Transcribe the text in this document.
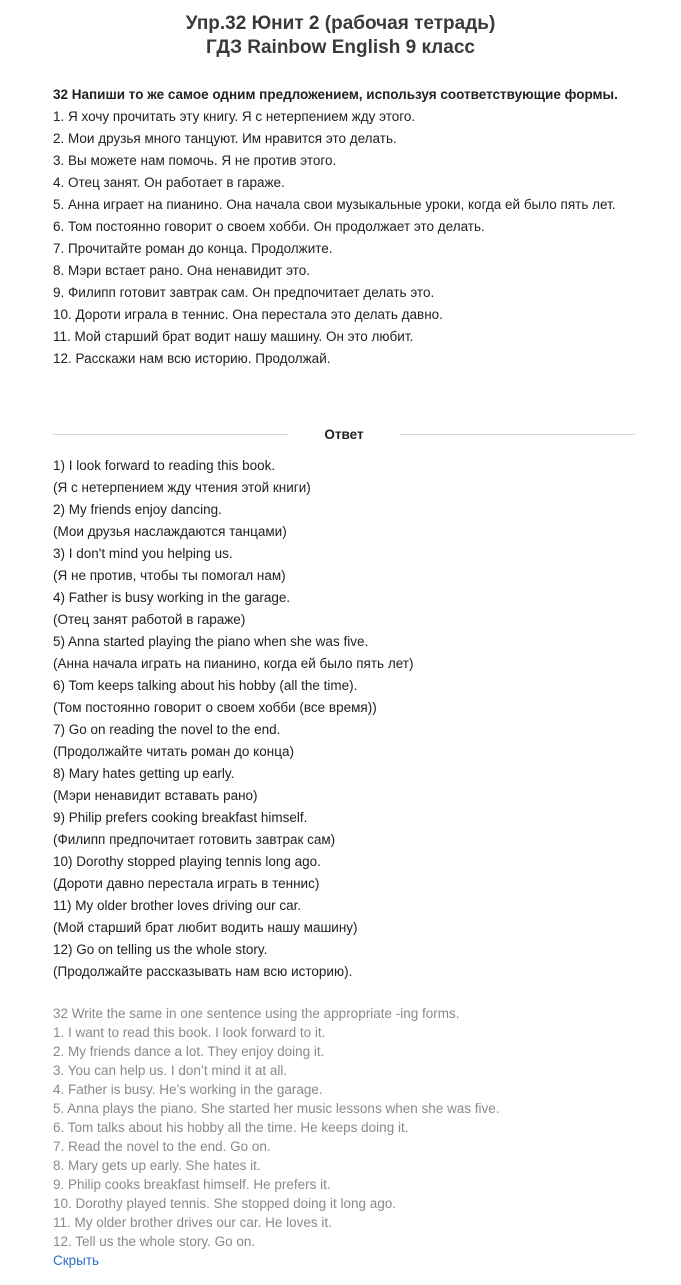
Упр.32 Юнит 2 (рабочая тетрадь)
ГДЗ Rainbow English 9 класс
32 Напиши то же самое одним предложением, используя соответствующие формы.
1. Я хочу прочитать эту книгу. Я с нетерпением жду этого.
2. Мои друзья много танцуют. Им нравится это делать.
3. Вы можете нам помочь. Я не против этого.
4. Отец занят. Он работает в гараже.
5. Анна играет на пианино. Она начала свои музыкальные уроки, когда ей было пять лет.
6. Том постоянно говорит о своем хобби. Он продолжает это делать.
7. Прочитайте роман до конца. Продолжите.
8. Мэри встает рано. Она ненавидит это.
9. Филипп готовит завтрак сам. Он предпочитает делать это.
10. Дороти играла в теннис. Она перестала это делать давно.
11. Мой старший брат водит нашу машину. Он это любит.
12. Расскажи нам всю историю. Продолжай.
Ответ
1) I look forward to reading this book.
(Я с нетерпением жду чтения этой книги)
2) My friends enjoy dancing.
(Мои друзья наслаждаются танцами)
3) I don't mind you helping us.
(Я не против, чтобы ты помогал нам)
4) Father is busy working in the garage.
(Отец занят работой в гараже)
5) Anna started playing the piano when she was five.
(Анна начала играть на пианино, когда ей было пять лет)
6) Tom keeps talking about his hobby (all the time).
(Том постоянно говорит о своем хобби (все время))
7) Go on reading the novel to the end.
(Продолжайте читать роман до конца)
8) Mary hates getting up early.
(Мэри ненавидит вставать рано)
9) Philip prefers cooking breakfast himself.
(Филипп предпочитает готовить завтрак сам)
10) Dorothy stopped playing tennis long ago.
(Дороти давно перестала играть в теннис)
11) My older brother loves driving our car.
(Мой старший брат любит водить нашу машину)
12) Go on telling us the whole story.
(Продолжайте рассказывать нам всю историю).
32 Write the same in one sentence using the appropriate -ing forms.
1. I want to read this book. I look forward to it.
2. My friends dance a lot. They enjoy doing it.
3. You can help us. I don’t mind it at all.
4. Father is busy. He’s working in the garage.
5. Anna plays the piano. She started her music lessons when she was five.
6. Tom talks about his hobby all the time. He keeps doing it.
7. Read the novel to the end. Go on.
8. Mary gets up early. She hates it.
9. Philip cooks breakfast himself. He prefers it.
10. Dorothy played tennis. She stopped doing it long ago.
11. My older brother drives our car. He loves it.
12. Tell us the whole story. Go on.
Скрыть
